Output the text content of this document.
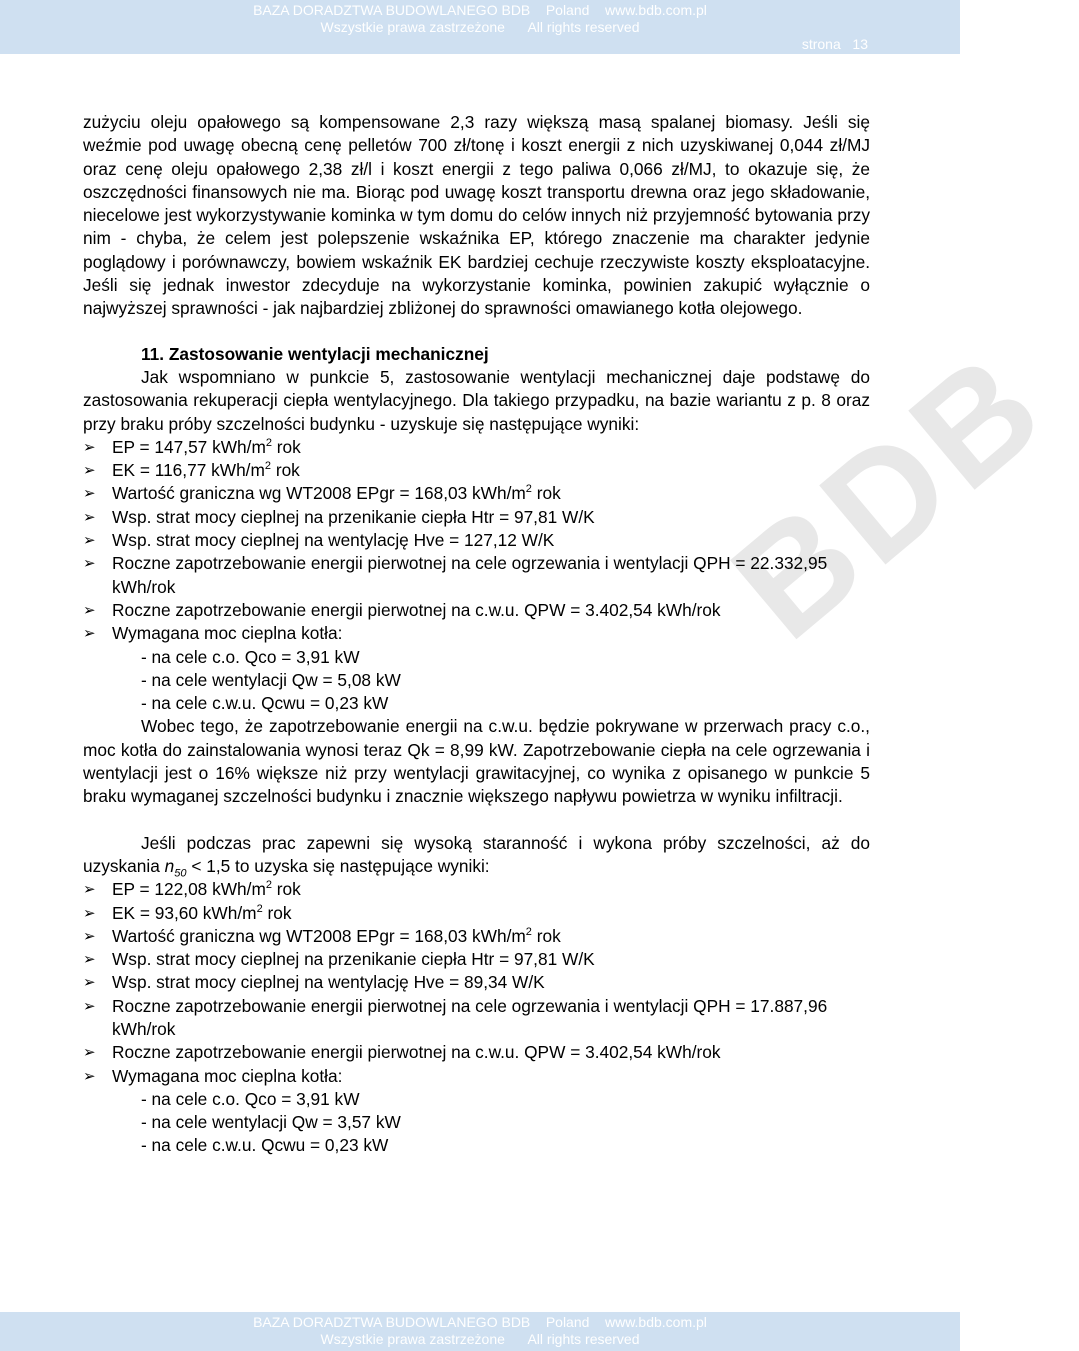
BAZA DORADZTWA BUDOWLANEGO BDB    Poland    www.bdb.com.pl
Wszystkie prawa zastrzeżone      All rights reserved
strona   13
BDB

zużyciu oleju opałowego są kompensowane 2,3 razy większą masą spalanej biomasy. Jeśli się weźmie pod uwagę obecną cenę pelletów 700 zł/tonę i koszt energii z nich uzyskiwanej 0,044 zł/MJ oraz cenę oleju opałowego 2,38 zł/l i koszt energii z tego paliwa 0,066 zł/MJ, to okazuje się, że oszczędności finansowych nie ma. Biorąc pod uwagę koszt transportu drewna oraz jego składowanie, niecelowe jest wykorzystywanie kominka w tym domu do celów innych niż przyjemność bytowania przy nim - chyba, że celem jest polepszenie wskaźnika EP, którego znaczenie ma charakter jedynie poglądowy i porównawczy, bowiem wskaźnik EK bardziej cechuje rzeczywiste koszty eksploatacyjne. Jeśli się jednak inwestor zdecyduje na wykorzystanie kominka, powinien zakupić wyłącznie o najwyższej sprawności - jak najbardziej zbliżonej do sprawności omawianego kotła olejowego.

11. Zastosowanie wentylacji mechanicznej

Jak wspomniano w punkcie 5, zastosowanie wentylacji mechanicznej daje podstawę do zastosowania rekuperacji ciepła wentylacyjnego. Dla takiego przypadku, na bazie wariantu z p. 8 oraz przy braku próby szczelności budynku - uzyskuje się następujące wyniki:

➢ EP = 147,57 kWh/$m^2$ rok
➢ EK = 116,77 kWh/$m^2$ rok
➢ Wartość graniczna wg WT2008 EPgr = 168,03 kWh/$m^2$ rok
➢ Wsp. strat mocy cieplnej na przenikanie ciepła Htr = 97,81 W/K
➢ Wsp. strat mocy cieplnej na wentylację Hve = 127,12 W/K
➢ Roczne zapotrzebowanie energii pierwotnej na cele ogrzewania i wentylacji QPH = 22.332,95 kWh/rok
➢ Roczne zapotrzebowanie energii pierwotnej na c.w.u. QPW = 3.402,54 kWh/rok
➢ Wymagana moc cieplna kotła:
- na cele c.o. Qco = 3,91 kW
- na cele wentylacji Qw = 5,08 kW
- na cele c.w.u. Qcwu = 0,23 kW

Wobec tego, że zapotrzebowanie energii na c.w.u. będzie pokrywane w przerwach pracy c.o., moc kotła do zainstalowania wynosi teraz Qk = 8,99 kW. Zapotrzebowanie ciepła na cele ogrzewania i wentylacji jest o 16% większe niż przy wentylacji grawitacyjnej, co wynika z opisanego w punkcie 5 braku wymaganej szczelności budynku i znacznie większego napływu powietrza w wyniku infiltracji.

Jeśli podczas prac zapewni się wysoką staranność i wykona próby szczelności, aż do uzyskania $n_{50} < 1,5$ to uzyska się następujące wyniki:

➢ EP = 122,08 kWh/$m^2$ rok
➢ EK = 93,60 kWh/$m^2$ rok
➢ Wartość graniczna wg WT2008 EPgr = 168,03 kWh/$m^2$ rok
➢ Wsp. strat mocy cieplnej na przenikanie ciepła Htr = 97,81 W/K
➢ Wsp. strat mocy cieplnej na wentylację Hve = 89,34 W/K
➢ Roczne zapotrzebowanie energii pierwotnej na cele ogrzewania i wentylacji QPH = 17.887,96 kWh/rok
➢ Roczne zapotrzebowanie energii pierwotnej na c.w.u. QPW = 3.402,54 kWh/rok
➢ Wymagana moc cieplna kotła:
- na cele c.o. Qco = 3,91 kW
- na cele wentylacji Qw = 3,57 kW
- na cele c.w.u. Qcwu = 0,23 kW
BAZA DORADZTWA BUDOWLANEGO BDB    Poland    www.bdb.com.pl
Wszystkie prawa zastrzeżone      All rights reserved
